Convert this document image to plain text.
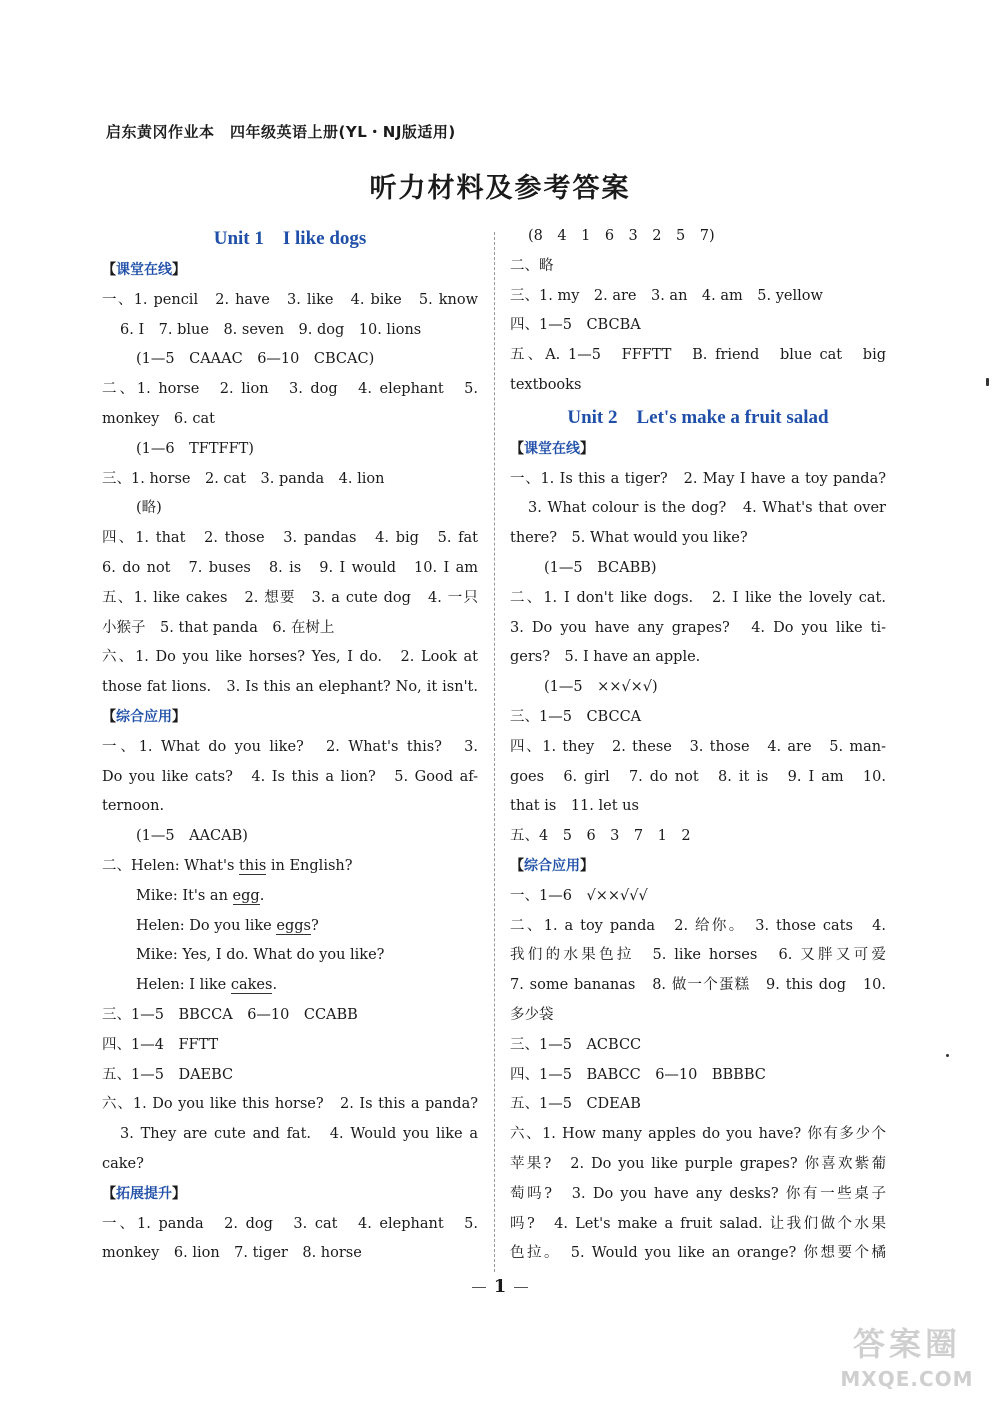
启东黄冈作业本　四年级英语上册(YL・NJ版适用)
听力材料及参考答案
Unit 1　I like dogs
【课堂在线】
一、1. pencil　2. have　3. like　4. bike　5. know
6. I　7. blue　8. seven　9. dog　10. lions
(1—5　CAAAC　6—10　CBCAC)
二、1. horse　2. lion　3. dog　4. elephant　5.
monkey　6. cat
(1—6　TFTFFT)
三、1. horse　2. cat　3. panda　4. lion
(略)
四、1. that　2. those　3. pandas　4. big　5. fat
6. do not　7. buses　8. is　9. I would　10. I am
五、1. like cakes　2. 想要　3. a cute dog　4. 一只
小猴子　5. that panda　6. 在树上
六、1. Do you like horses? Yes, I do.　2. Look at
those fat lions.　3. Is this an elephant? No, it isn't.
【综合应用】
一、1. What do you like?　2. What's this?　3.
Do you like cats?　4. Is this a lion?　5. Good af-
ternoon.
(1—5　AACAB)
二、Helen: What's this in English?
Mike: It's an egg.
Helen: Do you like eggs?
Mike: Yes, I do. What do you like?
Helen: I like cakes.
三、1—5　BBCCA　6—10　CCABB
四、1—4　FFTT
五、1—5　DAEBC
六、1. Do you like this horse?　2. Is this a panda?
3. They are cute and fat.　4. Would you like a
cake?
【拓展提升】
一、1. panda　2. dog　3. cat　4. elephant　5.
monkey　6. lion　7. tiger　8. horse
(8　4　1　6　3　2　5　7)
二、略
三、1. my　2. are　3. an　4. am　5. yellow
四、1—5　CBCBA
五、A. 1—5　FFFTT　B. friend　blue cat　big
textbooks
Unit 2　Let's make a fruit salad
【课堂在线】
一、1. Is this a tiger?　2. May I have a toy panda?
3. What colour is the dog?　4. What's that over
there?　5. What would you like?
(1—5　BCABB)
二、1. I don't like dogs.　2. I like the lovely cat.
3. Do you have any grapes?　4. Do you like ti-
gers?　5. I have an apple.
(1—5　××√×√)
三、1—5　CBCCA
四、1. they　2. these　3. those　4. are　5. man-
goes　6. girl　7. do not　8. it is　9. I am　10.
that is　11. let us
五、4　5　6　3　7　1　2
【综合应用】
一、1—6　√××√√√
二、1. a toy panda　2. 给你。　3. those cats　4.
我们的水果色拉　5. like horses　6. 又胖又可爱
7. some bananas　8. 做一个蛋糕　9. this dog　10.
多少袋
三、1—5　ACBCC
四、1—5　BABCC　6—10　BBBBC
五、1—5　CDEAB
六、1. How many apples do you have? 你有多少个
苹果?　2. Do you like purple grapes? 你喜欢紫葡
萄吗?　3. Do you have any desks? 你有一些桌子
吗?　4. Let's make a fruit salad. 让我们做个水果
色拉。　5. Would you like an orange? 你想要个橘
1
答案圈
MXQE.COM
